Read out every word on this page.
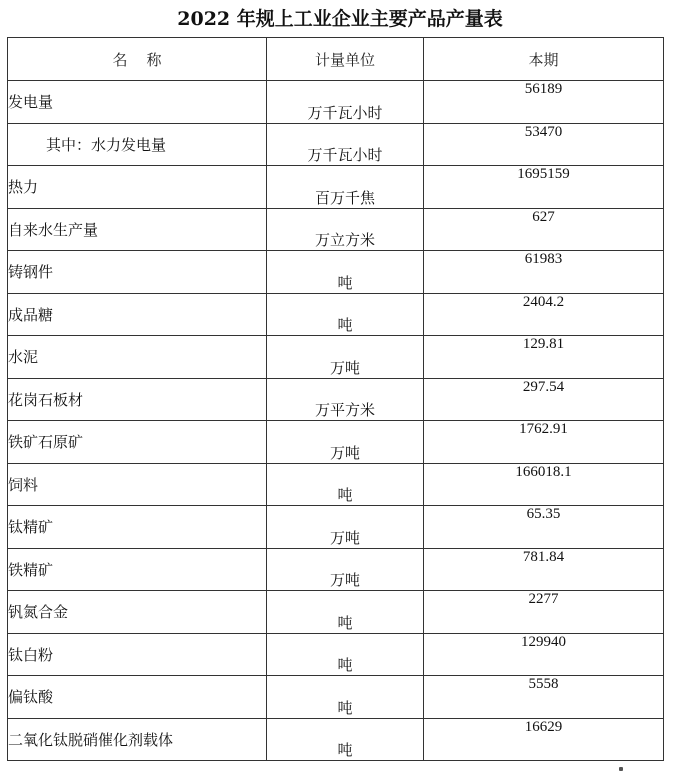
2022 年规上工业企业主要产品产量表
名    称	计量单位	本期
发电量	万千瓦小时	56189
其中：水力发电量	万千瓦小时	53470
热力	百万千焦	1695159
自来水生产量	万立方米	627
铸钢件	吨	61983
成品糖	吨	2404.2
水泥	万吨	129.81
花岗石板材	万平方米	297.54
铁矿石原矿	万吨	1762.91
饲料	吨	166018.1
钛精矿	万吨	65.35
铁精矿	万吨	781.84
钒氮合金	吨	2277
钛白粉	吨	129940
偏钛酸	吨	5558
二氧化钛脱硝催化剂载体	吨	16629
